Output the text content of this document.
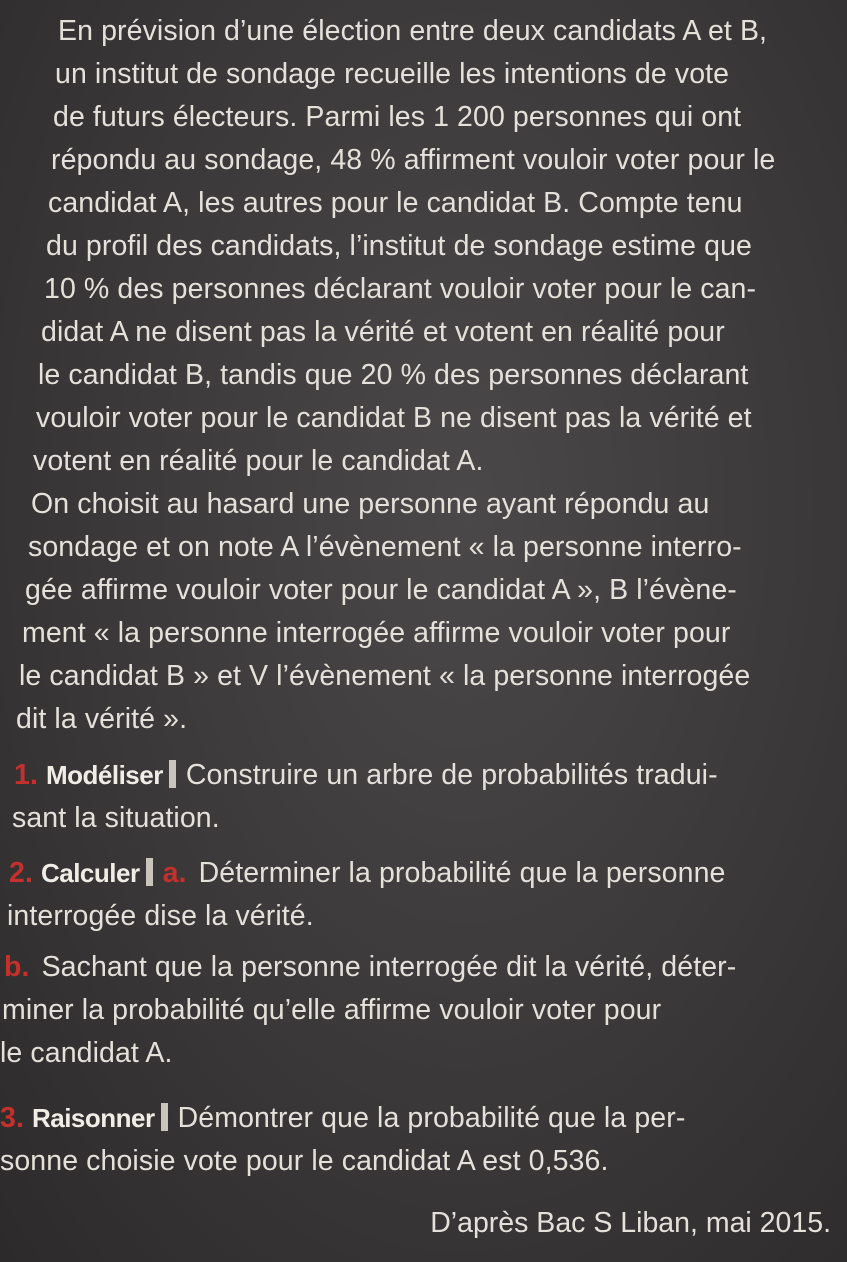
En prévision d’une élection entre deux candidats A et B,
un institut de sondage recueille les intentions de vote
de futurs électeurs. Parmi les 1 200 personnes qui ont
répondu au sondage, 48 % affirment vouloir voter pour le
candidat A, les autres pour le candidat B. Compte tenu
du profil des candidats, l’institut de sondage estime que
10 % des personnes déclarant vouloir voter pour le can-
didat A ne disent pas la vérité et votent en réalité pour
le candidat B, tandis que 20 % des personnes déclarant
vouloir voter pour le candidat B ne disent pas la vérité et
votent en réalité pour le candidat A.
On choisit au hasard une personne ayant répondu au
sondage et on note A l’évènement « la personne interro-
gée affirme vouloir voter pour le candidat A », B l’évène-
ment « la personne interrogée affirme vouloir voter pour
le candidat B » et V l’évènement « la personne interrogée
dit la vérité ».
1. Modéliser Construire un arbre de probabilités tradui-
sant la situation.
2. Calculer a. Déterminer la probabilité que la personne
interrogée dise la vérité.
b. Sachant que la personne interrogée dit la vérité, déter-
miner la probabilité qu’elle affirme vouloir voter pour
le candidat A.
3. Raisonner Démontrer que la probabilité que la per-
sonne choisie vote pour le candidat A est 0,536.
D’après Bac S Liban, mai 2015.
